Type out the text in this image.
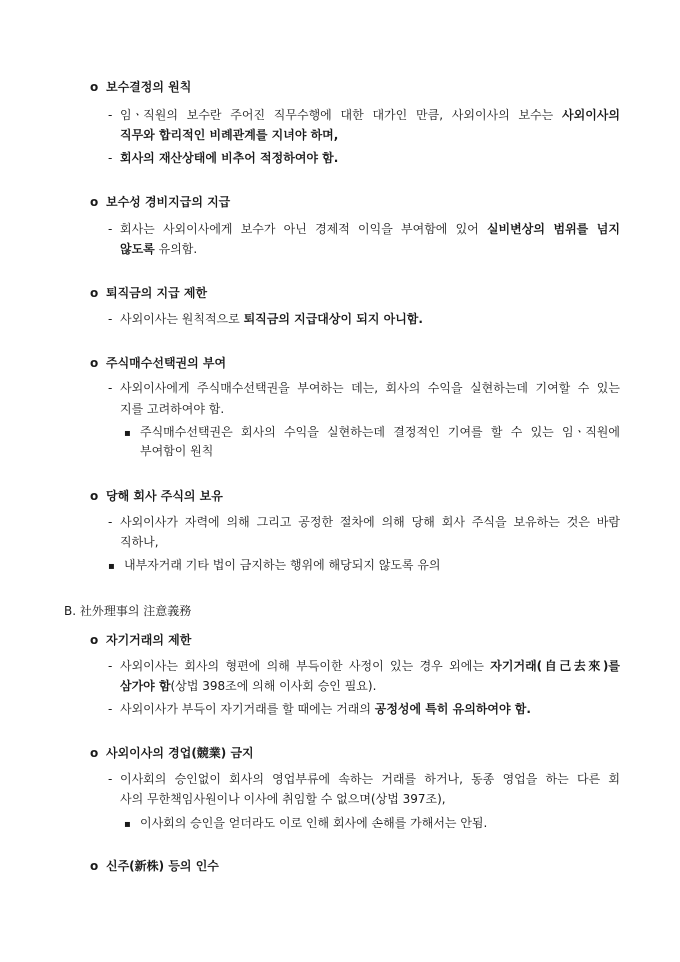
o 보수결정의 원칙
- 임ㆍ직원의 보수란 주어진 직무수행에 대한 대가인 만큼, 사외이사의 보수는 사외이사의
직무와 합리적인 비례관계를 지녀야 하며,
- 회사의 재산상태에 비추어 적정하여야 함.
o 보수성 경비지급의 지급
- 회사는 사외이사에게 보수가 아닌 경제적 이익을 부여함에 있어 실비변상의 범위를 넘지
않도록 유의함.
o 퇴직금의 지급 제한
- 사외이사는 원칙적으로 퇴직금의 지급대상이 되지 아니함.
o 주식매수선택권의 부여
- 사외이사에게 주식매수선택권을 부여하는 데는, 회사의 수익을 실현하는데 기여할 수 있는
지를 고려하여야 함.
▪ 주식매수선택권은 회사의 수익을 실현하는데 결정적인 기여를 할 수 있는 임ㆍ직원에
부여함이 원칙
o 당해 회사 주식의 보유
- 사외이사가 자력에 의해 그리고 공정한 절차에 의해 당해 회사 주식을 보유하는 것은 바람
직하나,
▪ 내부자거래 기타 법이 금지하는 행위에 해당되지 않도록 유의
B. 社外理事의 注意義務
o 자기거래의 제한
- 사외이사는 회사의 형편에 의해 부득이한 사정이 있는 경우 외에는 자기거래(自己去來)를
삼가야 함(상법 398조에 의해 이사회 승인 필요).
- 사외이사가 부득이 자기거래를 할 때에는 거래의 공정성에 특히 유의하여야 함.
o 사외이사의 경업(競業) 금지
- 이사회의 승인없이 회사의 영업부류에 속하는 거래를 하거나, 동종 영업을 하는 다른 회
사의 무한책임사원이나 이사에 취임할 수 없으며(상법 397조),
▪ 이사회의 승인을 얻더라도 이로 인해 회사에 손해를 가해서는 안됨.
o 신주(新株) 등의 인수
